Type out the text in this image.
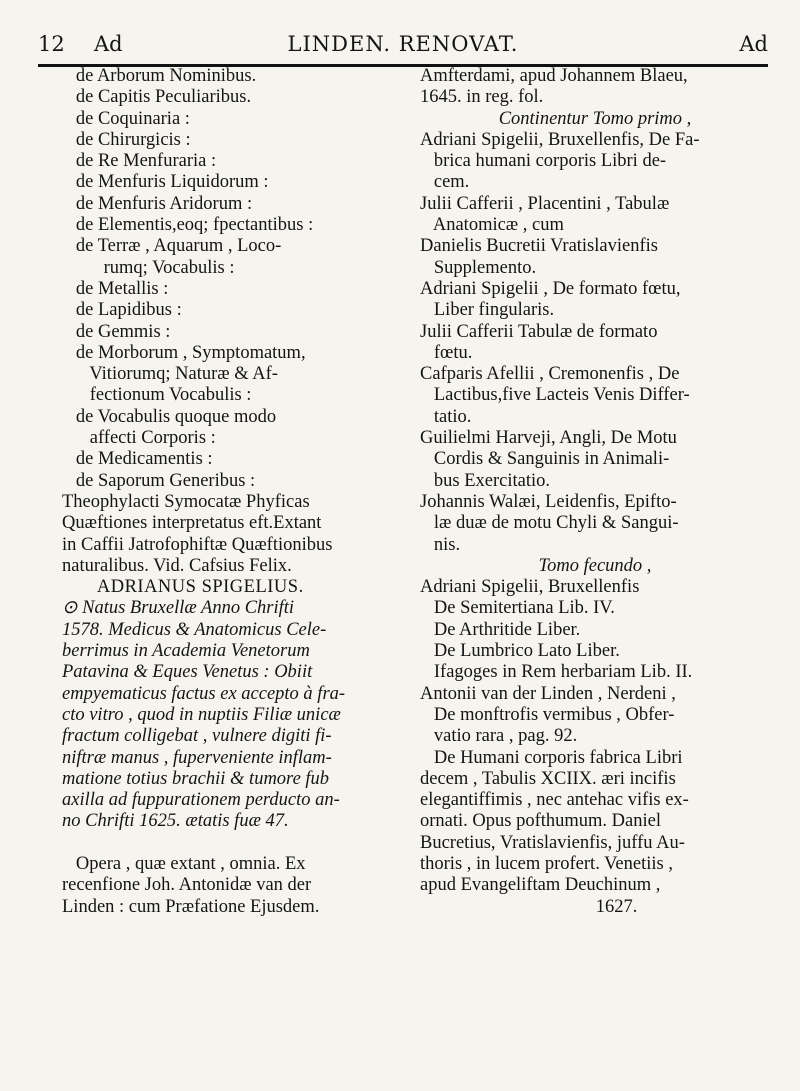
12 Ad	LINDEN. RENOVAT.	Ad

de Arborum Nominibus.

de Capitis Peculiaribus.

de Coquinaria :

de Chirurgicis :

de Re Menfuraria :

de Menfuris Liquidorum :

de Menfuris Aridorum :

de Elementis,eoq; fpectantibus :

de Terræ , Aquarum , Loco-

rumq; Vocabulis :

de Metallis :

de Lapidibus :

de Gemmis :

de Morborum , Symptomatum,

Vitiorumq; Naturæ & Af-

fectionum Vocabulis :

de Vocabulis quoque modo

affecti Corporis :

de Medicamentis :

de Saporum Generibus :

Theophylacti Symocatæ Phyficas

Quæftiones interpretatus eft.Extant

in Caffii Jatrofophiftæ Quæftionibus

naturalibus. Vid. Cafsius Felix.

ADRIANUS SPIGELIUS.

⊙ Natus Bruxellæ Anno Chrifti

1578. Medicus & Anatomicus Cele-

berrimus in Academia Venetorum

Patavina & Eques Venetus : Obiit

empyematicus factus ex accepto à fra-

cto vitro , quod in nuptiis Filiæ unicæ

fractum colligebat , vulnere digiti fi-

niftræ manus , fuperveniente inflam-

matione totius brachii & tumore fub

axilla ad fuppurationem perducto an-

no Chrifti 1625. ætatis fuæ 47.

Opera , quæ extant , omnia. Ex

recenfione Joh. Antonidæ van der

Linden : cum Præfatione Ejusdem.

Amfterdami, apud Johannem Blaeu,

1645. in reg. fol.

Continentur Tomo primo ,

Adriani Spigelii, Bruxellenfis, De Fa-

brica humani corporis Libri de-

cem.

Julii Cafferii , Placentini , Tabulæ

Anatomicæ , cum

Danielis Bucretii Vratislavienfis

Supplemento.

Adriani Spigelii , De formato fœtu,

Liber fingularis.

Julii Cafferii Tabulæ de formato

fœtu.

Cafparis Afellii , Cremonenfis , De

Lactibus,five Lacteis Venis Differ-

tatio.

Guilielmi Harveji, Angli, De Motu

Cordis & Sanguinis in Animali-

bus Exercitatio.

Johannis Walæi, Leidenfis, Epifto-

læ duæ de motu Chyli & Sangui-

nis.

Tomo fecundo ,

Adriani Spigelii, Bruxellenfis

De Semitertiana Lib. IV.

De Arthritide Liber.

De Lumbrico Lato Liber.

Ifagoges in Rem herbariam Lib. II.

Antonii van der Linden , Nerdeni ,

De monftrofis vermibus , Obfer-

vatio rara , pag. 92.

De Humani corporis fabrica Libri

decem , Tabulis XCIIX. æri incifis

elegantiffimis , nec antehac vifis ex-

ornati. Opus pofthumum. Daniel

Bucretius, Vratislavienfis, juffu Au-

thoris , in lucem profert. Venetiis ,

apud Evangeliftam Deuchinum ,

1627.
